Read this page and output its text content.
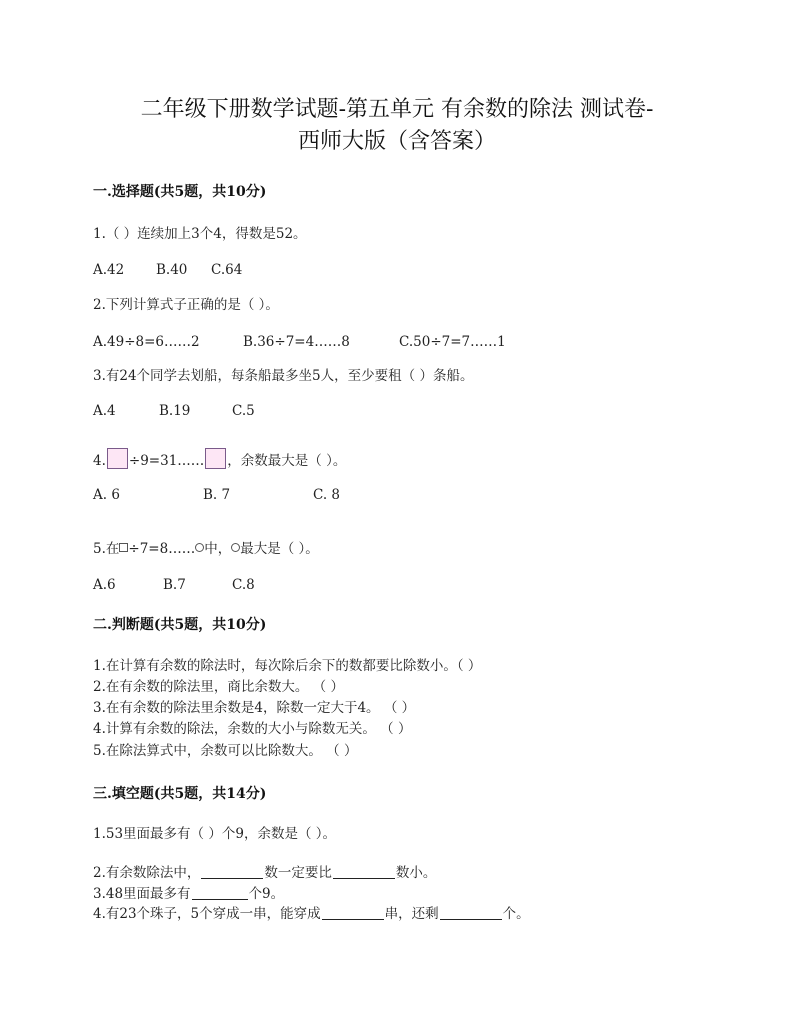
二年级下册数学试题-第五单元 有余数的除法 测试卷-
西师大版（含答案）
一.选择题(共5题，共10分)
1.（ ）连续加上3个4，得数是52。
A.42 B.40 C.64
2.下列计算式子正确的是（ ）。
A.49÷8=6……2	B.36÷7=4……8	C.50÷7=7……1
3.有24个同学去划船，每条船最多坐5人，至少要租（ ）条船。
A.4	B.19	C.5
4. ÷9=31…… ，余数最大是（ ）。
A. 6	B. 7	C. 8
5.在 ÷7=8…… 中， 最大是（ ）。
A.6	B.7	C.8
二.判断题(共5题，共10分)
1.在计算有余数的除法时，每次除后余下的数都要比除数小。（ ）
2.在有余数的除法里，商比余数大。 （ ）
3.在有余数的除法里余数是4，除数一定大于4。 （ ）
4.计算有余数的除法，余数的大小与除数无关。 （ ）
5.在除法算式中，余数可以比除数大。 （ ）
三.填空题(共5题，共14分)
1.53里面最多有（ ）个9，余数是（ ）。
2.有余数除法中，	数一定要比	数小。
3.48里面最多有	个9。
4.有23个珠子，5个穿成一串，能穿成	串，还剩	个。
